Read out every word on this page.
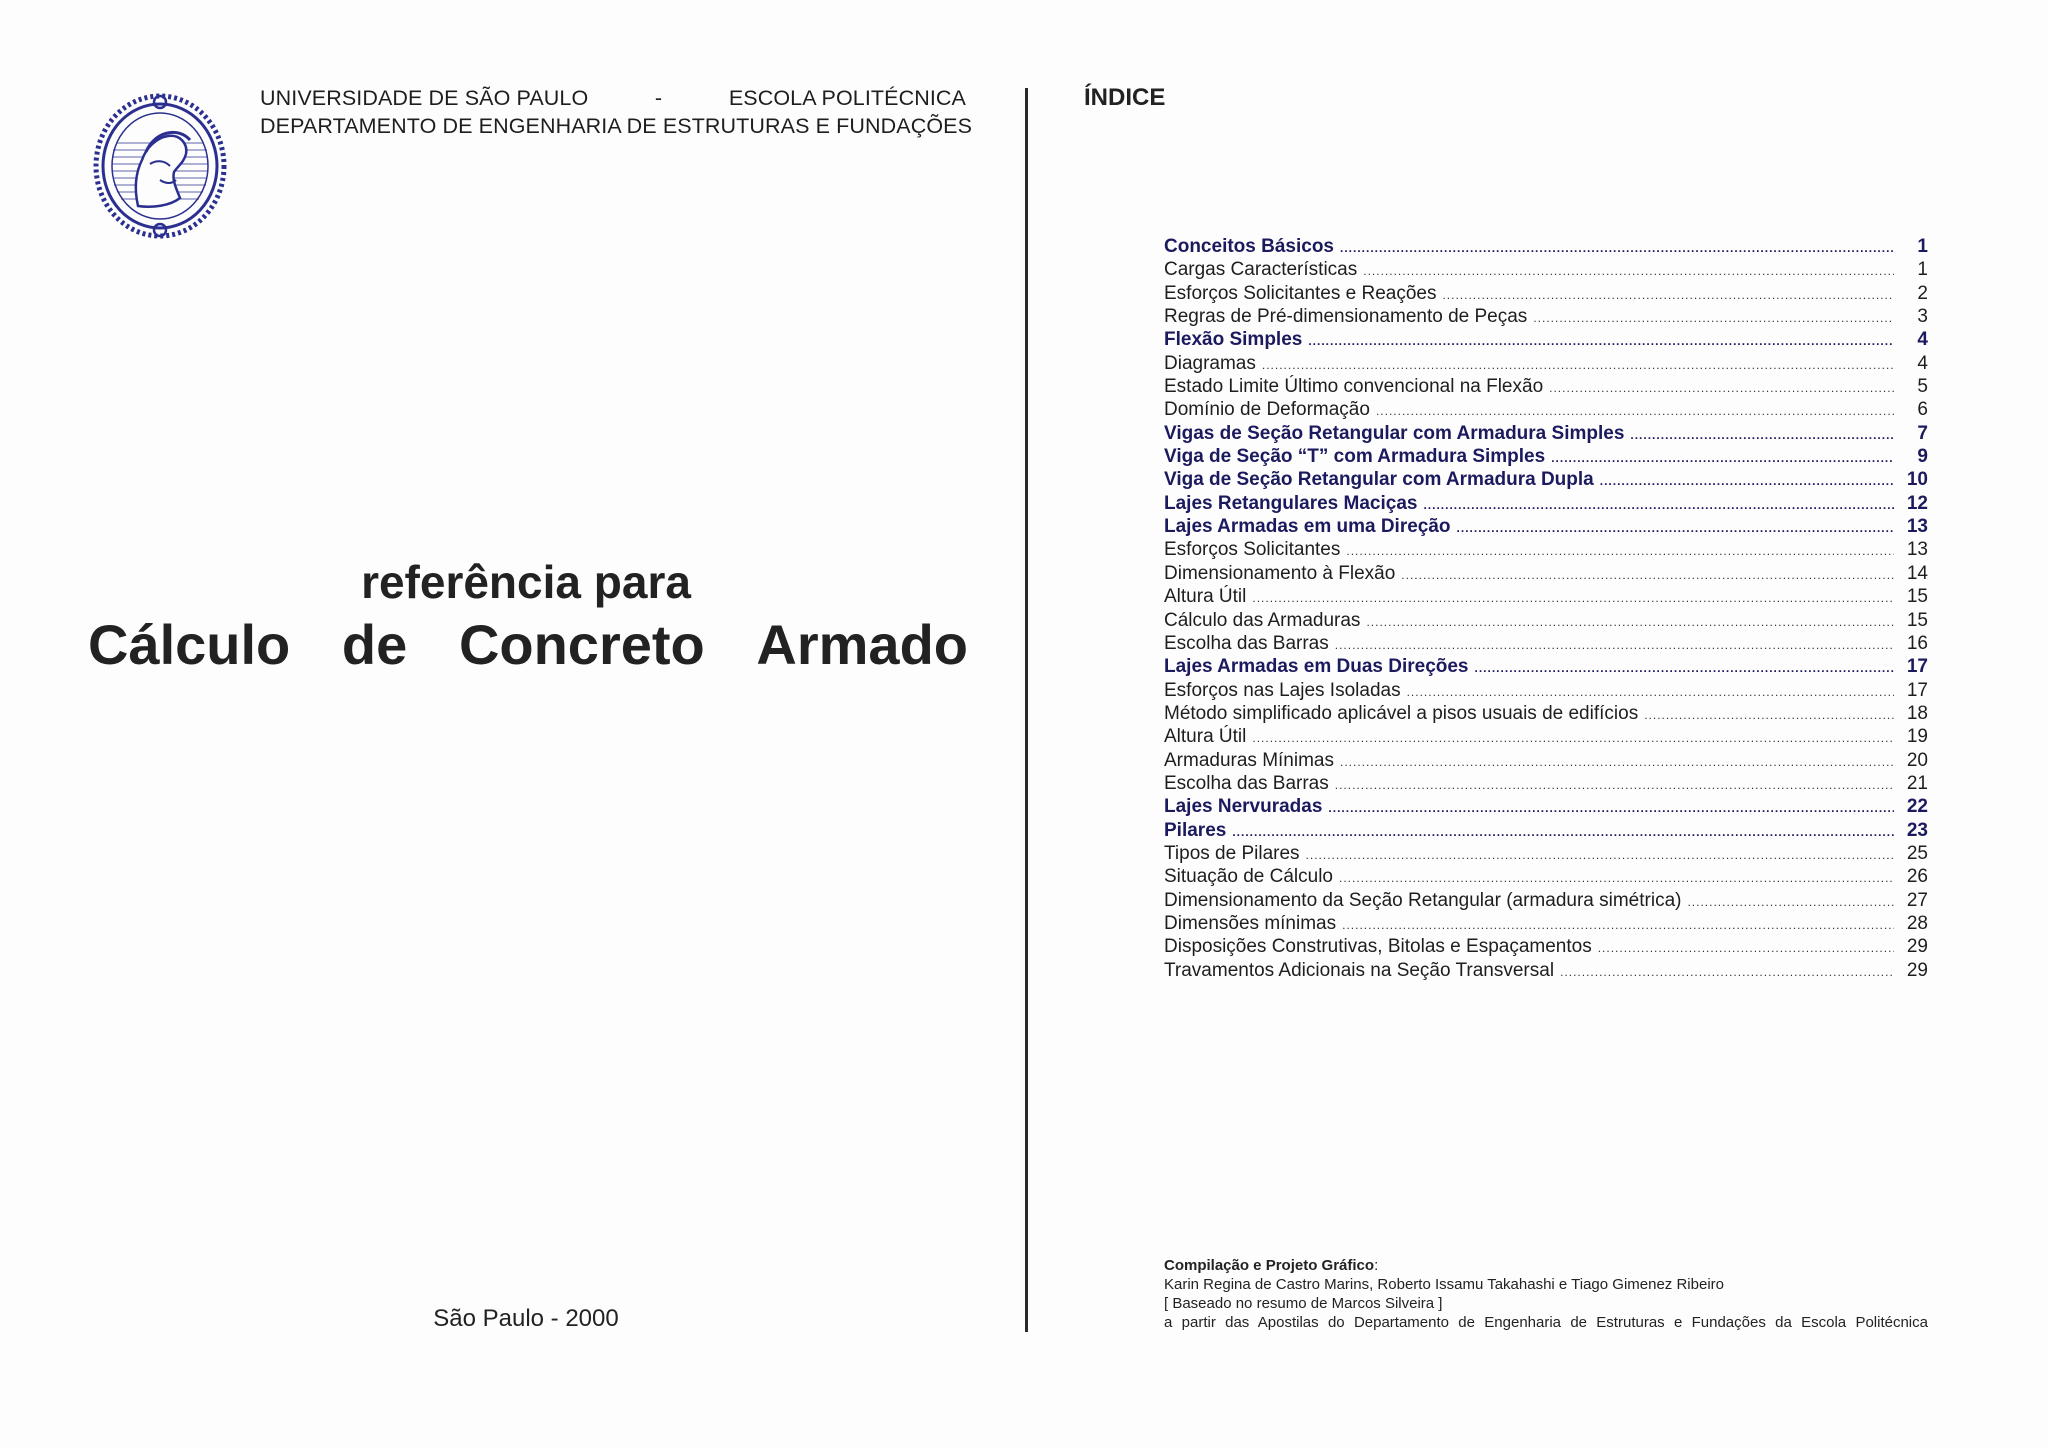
UNIVERSIDADE DE SÃO PAULO	-	ESCOLA POLITÉCNICA
DEPARTAMENTO DE ENGENHARIA DE ESTRUTURAS E FUNDAÇÕES
referência para
Cálculo de Concreto Armado
São Paulo - 2000
ÍNDICE
Conceitos Básicos .....	1
Cargas Características .....	1
Esforços Solicitantes e Reações .....	2
Regras de Pré-dimensionamento de Peças .....	3
Flexão Simples .....	4
Diagramas .....	4
Estado Limite Último convencional na Flexão .....	5
Domínio de Deformação .....	6
Vigas de Seção Retangular com Armadura Simples .....	7
Viga de Seção “T” com Armadura Simples .....	9
Viga de Seção Retangular com Armadura Dupla .....	10
Lajes Retangulares Maciças .....	12
Lajes Armadas em uma Direção .....	13
Esforços Solicitantes .....	13
Dimensionamento à Flexão .....	14
Altura Útil .....	15
Cálculo das Armaduras .....	15
Escolha das Barras .....	16
Lajes Armadas em Duas Direções .....	17
Esforços nas Lajes Isoladas .....	17
Método simplificado aplicável a pisos usuais de edifícios .....	18
Altura Útil .....	19
Armaduras Mínimas .....	20
Escolha das Barras .....	21
Lajes Nervuradas .....	22
Pilares .....	23
Tipos de Pilares .....	25
Situação de Cálculo .....	26
Dimensionamento da Seção Retangular (armadura simétrica) .....	27
Dimensões mínimas .....	28
Disposições Construtivas, Bitolas e Espaçamentos .....	29
Travamentos Adicionais na Seção Transversal .....	29
Compilação e Projeto Gráfico:
Karin Regina de Castro Marins, Roberto Issamu Takahashi e Tiago Gimenez Ribeiro
[ Baseado no resumo de Marcos Silveira ]
a partir das Apostilas do Departamento de Engenharia de Estruturas e Fundações da Escola Politécnica
